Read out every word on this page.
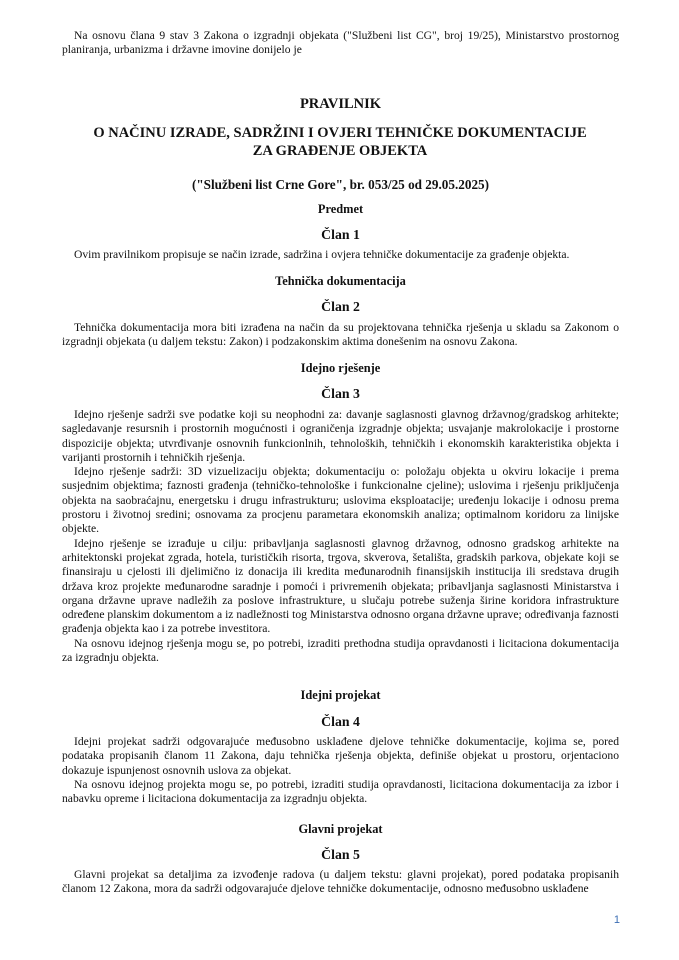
Na osnovu člana 9 stav 3 Zakona o izgradnji objekata ("Službeni list CG", broj 19/25), Ministarstvo prostornog planiranja, urbanizma i državne imovine donijelo je

PRAVILNIK
O NAČINU IZRADE, SADRŽINI I OVJERI TEHNIČKE DOKUMENTACIJE ZA GRAĐENJE OBJEKTA
("Službeni list Crne Gore", br. 053/25 od 29.05.2025)
Predmet
Član 1

Ovim pravilnikom propisuje se način izrade, sadržina i ovjera tehničke dokumentacije za građenje objekta.

Tehnička dokumentacija
Član 2

Tehnička dokumentacija mora biti izrađena na način da su projektovana tehnička rješenja u skladu sa Zakonom o izgradnji objekata (u daljem tekstu: Zakon) i podzakonskim aktima donešenim na osnovu Zakona.

Idejno rješenje
Član 3

Idejno rješenje sadrži sve podatke koji su neophodni za: davanje saglasnosti glavnog državnog/gradskog arhitekte; sagledavanje resursnih i prostornih mogućnosti i ograničenja izgradnje objekta; usvajanje makrolokacije i prostorne dispozicije objekta; utvrđivanje osnovnih funkcionlnih, tehnoloških, tehničkih i ekonomskih karakteristika objekta i varijanti prostornih i tehničkih rješenja.

Idejno rješenje sadrži: 3D vizuelizaciju objekta; dokumentaciju o: položaju objekta u okviru lokacije i prema susjednim objektima; faznosti građenja (tehničko-tehnološke i funkcionalne cjeline); uslovima i rješenju priključenja objekta na saobraćajnu, energetsku i drugu infrastrukturu; uslovima eksploatacije; uređenju lokacije i odnosu prema prostoru i životnoj sredini; osnovama za procjenu parametara ekonomskih analiza; optimalnom koridoru za linijske objekte.

Idejno rješenje se izrađuje u cilju: pribavljanja saglasnosti glavnog državnog, odnosno gradskog arhitekte na arhitektonski projekat zgrada, hotela, turističkih risorta, trgova, skverova, šetališta, gradskih parkova, objekate koji se finansiraju u cjelosti ili djelimično iz donacija ili kredita međunarodnih finansijskih institucija ili sredstava drugih država kroz projekte međunarodne saradnje i pomoći i privremenih objekata; pribavljanja saglasnosti Ministarstva i organa državne uprave nadležih za poslove infrastrukture, u slučaju potrebe suženja širine koridora infrastrukture određene planskim dokumentom a iz nadležnosti tog Ministarstva odnosno organa državne uprave; određivanja faznosti građenja objekta kao i za potrebe investitora.

Na osnovu idejnog rješenja mogu se, po potrebi, izraditi prethodna studija opravdanosti i licitaciona dokumentacija za izgradnju objekta.

Idejni projekat
Član 4

Idejni projekat sadrži odgovarajuće međusobno usklađene djelove tehničke dokumentacije, kojima se, pored podataka propisanih članom 11 Zakona, daju tehnička rješenja objekta, definiše objekat u prostoru, orjentaciono dokazuje ispunjenost osnovnih uslova za objekat.

Na osnovu idejnog projekta mogu se, po potrebi, izraditi studija opravdanosti, licitaciona dokumentacija za izbor i nabavku opreme i licitaciona dokumentacija za izgradnju objekta.

Glavni projekat
Član 5

Glavni projekat sa detaljima za izvođenje radova (u daljem tekstu: glavni projekat), pored podataka propisanih članom 12 Zakona, mora da sadrži odgovarajuće djelove tehničke dokumentacije, odnosno međusobno usklađene

1
